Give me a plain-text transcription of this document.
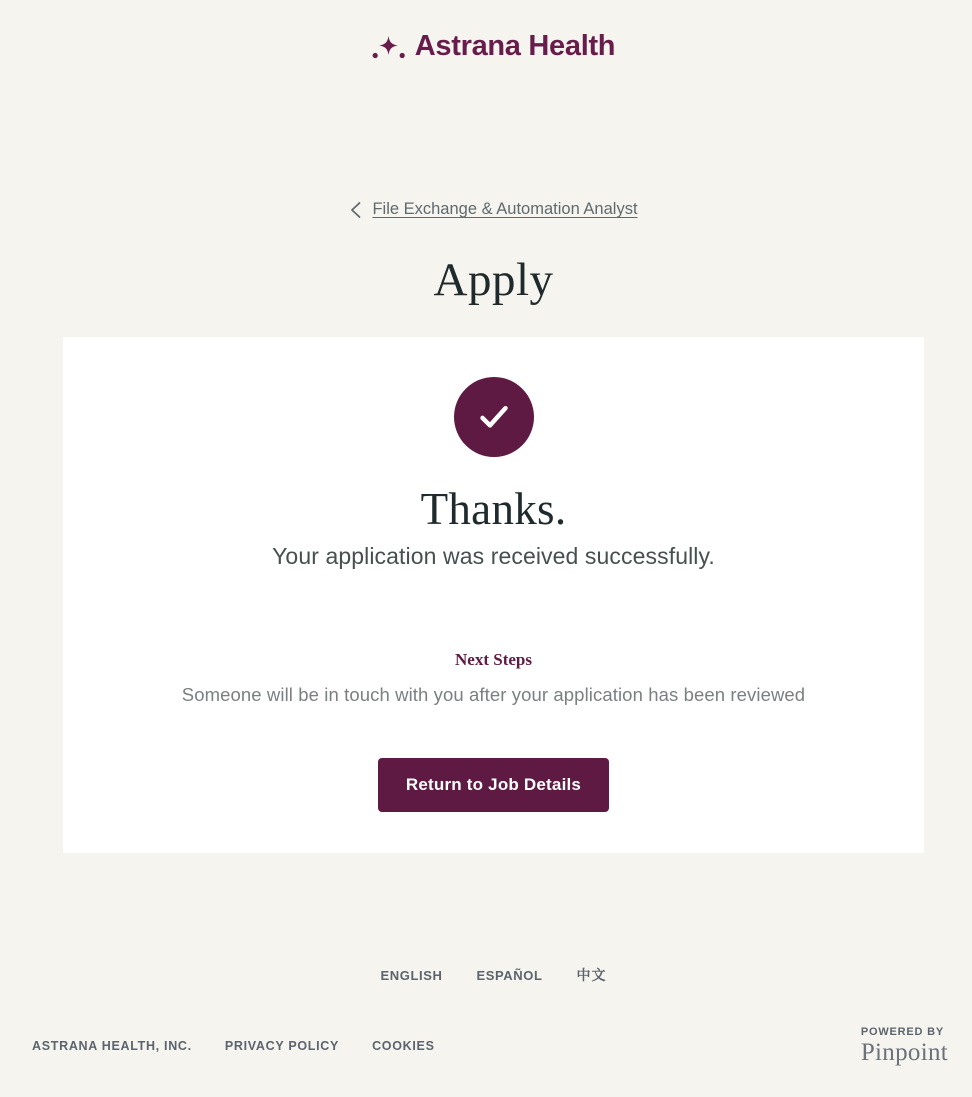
Astrana Health
File Exchange & Automation Analyst
Apply
Thanks.
Your application was received successfully.
Next Steps
Someone will be in touch with you after your application has been reviewed
Return to Job Details
ENGLISH	ESPAÑOL 中文
ASTRANA HEALTH, INC.	PRIVACY POLICY	COOKIES
POWERED BY
Pinpoint
